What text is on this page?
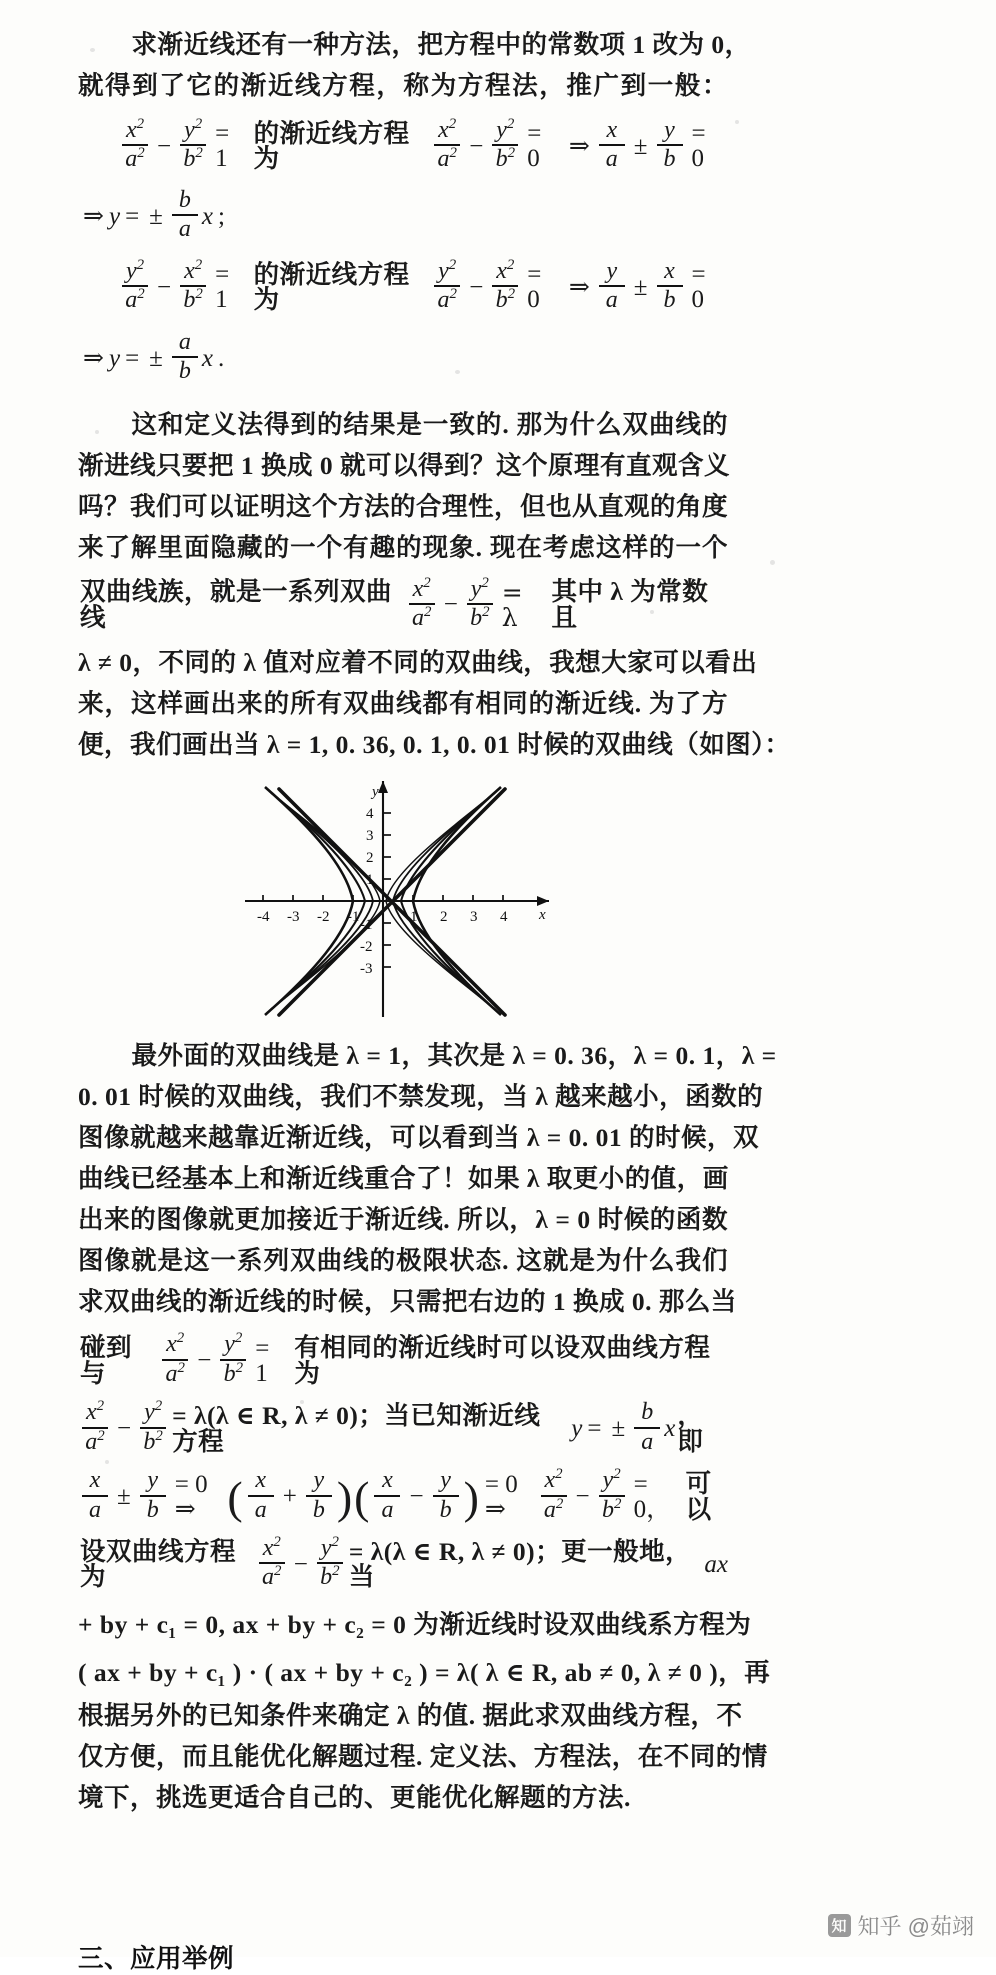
求渐近线还有一种方法，把方程中的常数项 1 改为 0，
就得到了它的渐近线方程，称为方程法，推广到一般：
$\frac{x^2}{a^2} - \frac{y^2}{b^2} = 1$
的渐近线方程为	$\frac{x^2}{a^2} - \frac{y^2}{b^2} = 0$	⇒ $\frac{x}{a} \pm \frac{y}{b} = 0$
⇒ y = ± $\frac{b}{a}$ x ;
$\frac{y^2}{a^2} - \frac{x^2}{b^2} = 1$
的渐近线方程为	$\frac{y^2}{a^2} - \frac{x^2}{b^2} = 0$	⇒ $\frac{y}{a} \pm \frac{x}{b} = 0$
⇒ y = ± $\frac{a}{b}$ x .
这和定义法得到的结果是一致的. 那为什么双曲线的
渐进线只要把 1 换成 0 就可以得到？这个原理有直观含义
吗？我们可以证明这个方法的合理性，但也从直观的角度
来了解里面隐藏的一个有趣的现象. 现在考虑这样的一个
双曲线族，就是一系列双曲线	$\frac{x^2}{a^2} - \frac{y^2}{b^2} = \lambda$
其中 λ 为常数且
λ ≠ 0，不同的 λ 值对应着不同的双曲线，我想大家可以看出
来，这样画出来的所有双曲线都有相同的渐近线. 为了方
便，我们画出当 λ = 1, 0. 36, 0. 1, 0. 01 时候的双曲线（如图）：
-4 -3 -2 -1	1 2 3 4
4
3
2
1
-1
-2
-3
y
x
最外面的双曲线是 λ = 1，其次是 λ = 0. 36，λ = 0. 1，λ =
0. 01 时候的双曲线，我们不禁发现，当 λ 越来越小，函数的
图像就越来越靠近渐近线，可以看到当 λ = 0. 01 的时候，双
曲线已经基本上和渐近线重合了！如果 λ 取更小的值，画
出来的图像就更加接近于渐近线. 所以，λ = 0 时候的函数
图像就是这一系列双曲线的极限状态. 这就是为什么我们
求双曲线的渐近线的时候，只需把右边的 1 换成 0. 那么当
碰到与	$\frac{x^2}{a^2} - \frac{y^2}{b^2} = 1$
有相同的渐近线时可以设双曲线方程为
$\frac{x^2}{a^2} - \frac{y^2}{b^2} = \lambda(\lambda$ ∈ R, λ ≠ 0)；当已知渐近线方程	y = ± $\frac{b}{a}$ x ，即
$\frac{x}{a} \pm \frac{y}{b} = 0$ ⇒ ( $\frac{x}{a} + \frac{y}{b}$ ) ( $\frac{x}{a} - \frac{y}{b}$ ) = 0 ⇒	$\frac{x^2}{a^2} - \frac{y^2}{b^2} = 0$，
可以
设双曲线方程为	$\frac{x^2}{a^2} - \frac{y^2}{b^2} = \lambda(\lambda$ ∈ R, λ ≠ 0)；更一般地，当	ax
+ by + c₁ = 0, ax + by + c₂ = 0 为渐近线时设双曲线系方程为
( ax + by + c₁ ) · ( ax + by + c₂ ) = λ( λ ∈ R, ab ≠ 0, λ ≠ 0 )，再
根据另外的已知条件来确定 λ 的值. 据此求双曲线方程，不
仅方便，而且能优化解题过程. 定义法、方程法，在不同的情
境下，挑选更适合自己的、更能优化解题的方法.
三、应用举例
知 知乎 @茹翊
